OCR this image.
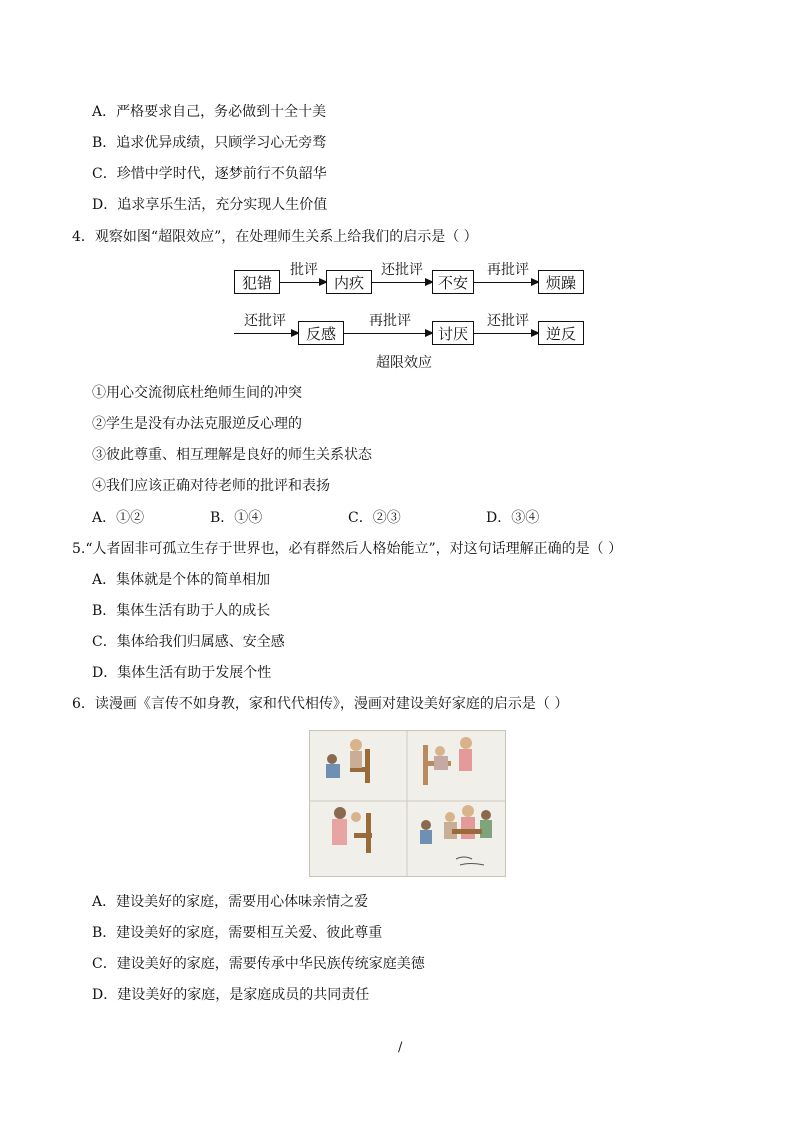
A．严格要求自己，务必做到十全十美
B．追求优异成绩，只顾学习心无旁骛
C．珍惜中学时代，逐梦前行不负韶华
D．追求享乐生活，充分实现人生价值
4．观察如图“超限效应”，在处理师生关系上给我们的启示是（ ）
犯错
批评
内疚
还批评
不安
再批评
烦躁
还批评
反感
再批评
讨厌
还批评
逆反
超限效应
①用心交流彻底杜绝师生间的冲突
②学生是没有办法克服逆反心理的
③彼此尊重、相互理解是良好的师生关系状态
④我们应该正确对待老师的批评和表扬
A．①②	B．①④	C．②③	D．③④
5.“人者固非可孤立生存于世界也，必有群然后人格始能立”，对这句话理解正确的是（ ）
A．集体就是个体的简单相加
B．集体生活有助于人的成长
C．集体给我们归属感、安全感
D．集体生活有助于发展个性
6．读漫画《言传不如身教，家和代代相传》，漫画对建设美好家庭的启示是（ ）
A．建设美好的家庭，需要用心体味亲情之爱
B．建设美好的家庭，需要相互关爱、彼此尊重
C．建设美好的家庭，需要传承中华民族传统家庭美德
D．建设美好的家庭，是家庭成员的共同责任
/
